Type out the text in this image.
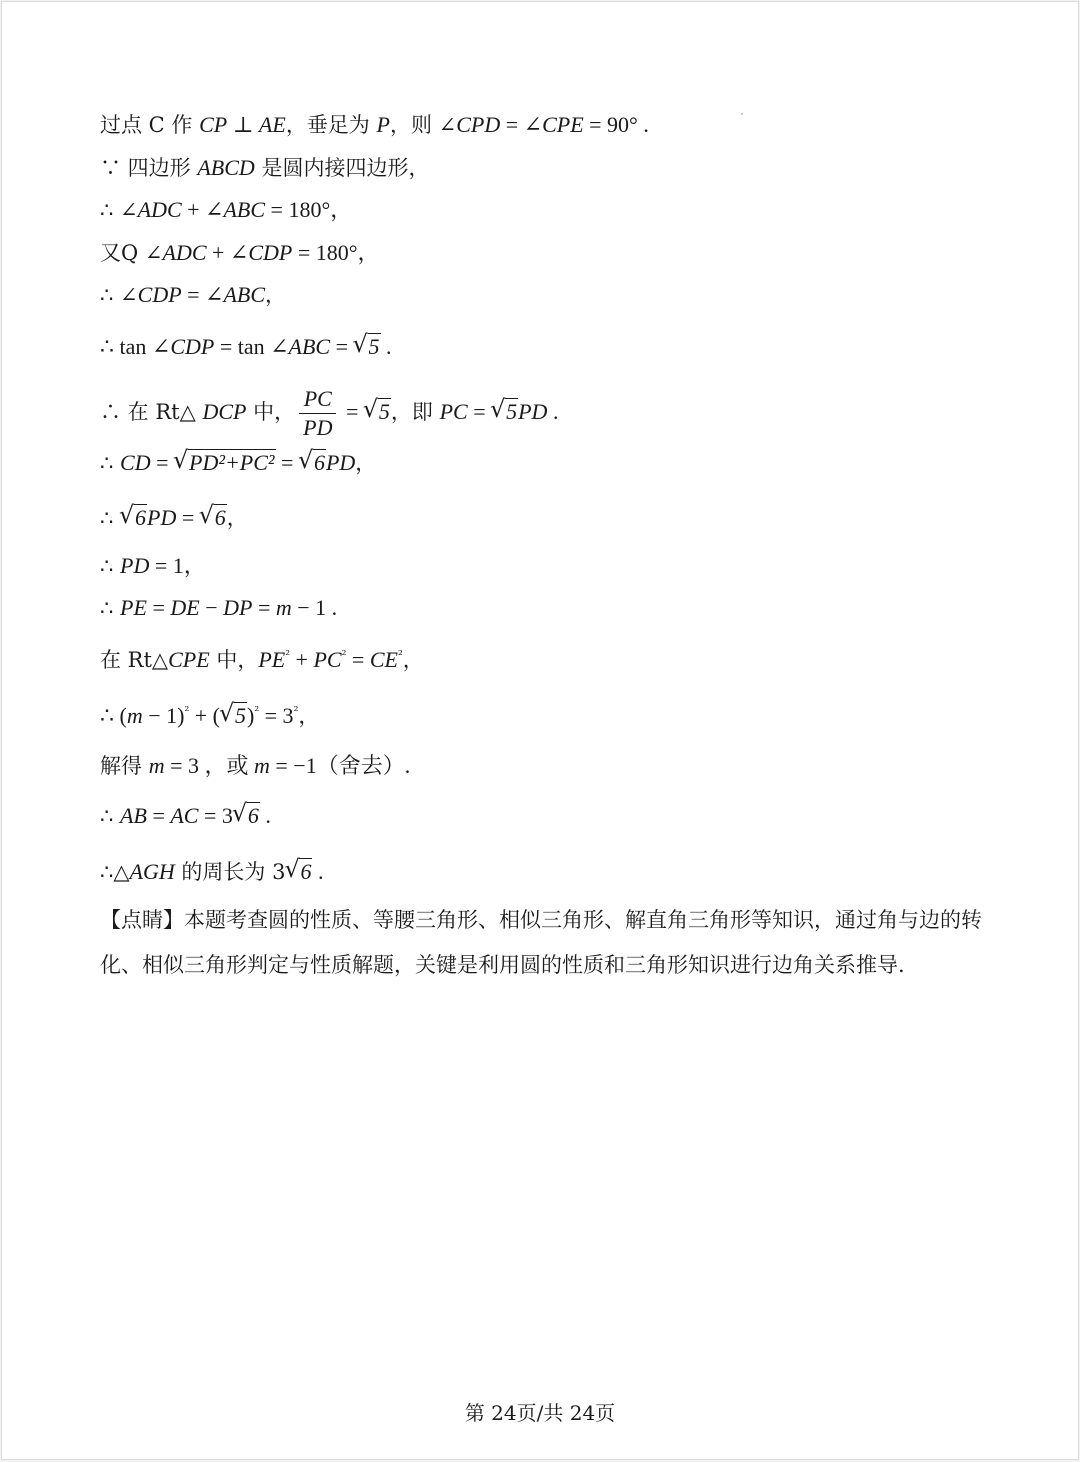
过点 C 作 CP ⊥ AE，垂足为 P，则 ∠CPD = ∠CPE = 90° .
∵ 四边形 ABCD 是圆内接四边形，
∴ ∠ADC + ∠ABC = 180°，
又Q ∠ADC + ∠CDP = 180°，
∴ ∠CDP = ∠ABC，
∴ tan ∠CDP = tan ∠ABC = √ 5 .
∴ 在 Rt△ DCP 中， $\frac{PC}{PD}$ = √ 5，即 PC = √ 5PD .
∴ CD = √ PD²+PC² = √ 6PD，
∴ √ 6PD = √ 6，
∴ PD = 1，
∴ PE = DE − DP = m − 1 .
在 Rt△CPE 中，$PE^{^2} + PC^{^2} = CE^{^2}$，
∴ $(m - 1)^{^2}$ + ( √ $5)^{^2} = 3^{^2}$，
解得 m = 3 ，或 m = −1（舍去）.
∴ AB = AC = 3 √ 6 .
∴△AGH 的周长为 3 √ 6 .
【点睛】本题考查圆的性质、等腰三角形、相似三角形、解直角三角形等知识，通过角与边的转化、相似三角形判定与性质解题，关键是利用圆的性质和三角形知识进行边角关系推导.
第 24页/共 24页
